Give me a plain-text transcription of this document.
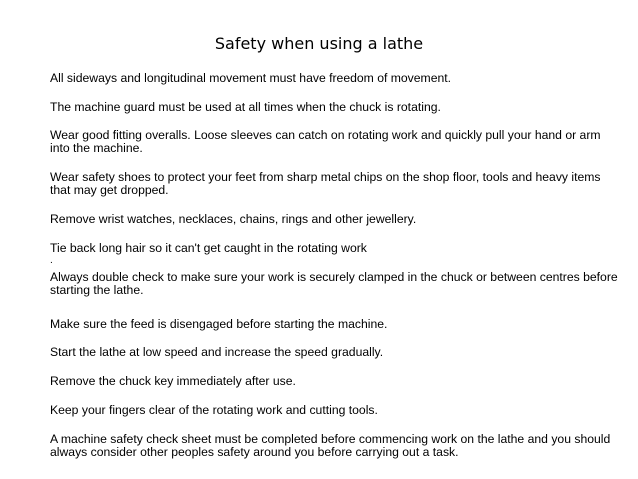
Safety when using a lathe
All sideways and longitudinal movement must have freedom of movement.
The machine guard must be used at all times when the chuck is rotating.
Wear good fitting overalls. Loose sleeves can catch on rotating work and quickly pull your hand or arm into the machine.
Wear safety shoes to protect your feet from sharp metal chips on the shop floor, tools and heavy items that may get dropped.
Remove wrist watches, necklaces, chains, rings and other jewellery.
Tie back long hair so it can't get caught in the rotating work
.
Always double check to make sure your work is securely clamped in the chuck or between centres before starting the lathe.
Make sure the feed is disengaged before starting the machine.
Start the lathe at low speed and increase the speed gradually.
Remove the chuck key immediately after use.
Keep your fingers clear of the rotating work and cutting tools.
A machine safety check sheet must be completed before commencing work on the lathe and you should always consider other peoples safety around you before carrying out a task.
